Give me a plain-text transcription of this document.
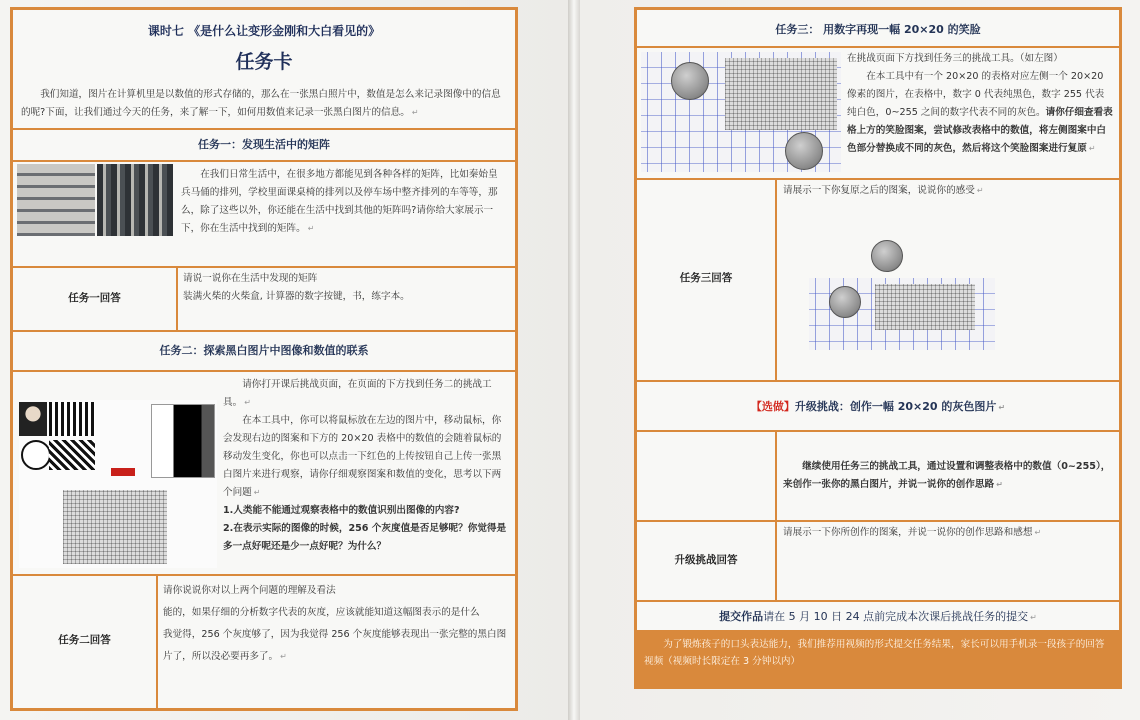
课时七 《是什么让变形金刚和大白看见的》
任务卡
我们知道，图片在计算机里是以数值的形式存储的，那么在一张黑白照片中，数值是怎么来记录图像中的信息的呢?下面，让我们通过今天的任务，来了解一下，如何用数值来记录一张黑白图片的信息。 ↵
任务一：发现生活中的矩阵
在我们日常生活中，在很多地方都能见到各种各样的矩阵，比如秦始皇兵马俑的排列，学校里面课桌椅的排列以及停车场中整齐排列的车等等，那么，除了这些以外，你还能在生活中找到其他的矩阵吗?请你给大家展示一下，你在生活中找到的矩阵。 ↵
任务一回答
请说一说你在生活中发现的矩阵
装满火柴的火柴盒, 计算器的数字按键，书，练字本。
任务二：探索黑白图片中图像和数值的联系
请你打开课后挑战页面，在页面的下方找到任务二的挑战工具。 ↵
在本工具中，你可以将鼠标放在左边的图片中，移动鼠标，你会发现右边的图案和下方的 20×20 表格中的数值的会随着鼠标的移动发生变化，你也可以点击一下红色的上传按钮自己上传一张黑白图片来进行观察，请你仔细观察图案和数值的变化，思考以下两个问题 ↵
1.人类能不能通过观察表格中的数值识别出图像的内容?
2.在表示实际的图像的时候，256 个灰度值是否足够呢？你觉得是多一点好呢还是少一点好呢？为什么？
任务二回答
请你说说你对以上两个问题的理解及看法
能的，如果仔细的分析数字代表的灰度，应该就能知道这幅图表示的是什么
我觉得，256 个灰度够了，因为我觉得 256 个灰度能够表现出一张完整的黑白图片了，所以没必要再多了。 ↵
任务三： 用数字再现一幅 20×20 的笑脸
在挑战页面下方找到任务三的挑战工具。（如左图）
在本工具中有一个 20×20 的表格对应左侧一个 20×20 像素的图片，在表格中，数字 0 代表纯黑色，数字 255 代表 纯白色，0~255 之间的数字代表不同的灰色。请你仔细查看表格上方的笑脸图案，尝试修改表格中的数值，将左侧图案中白色部分替换成不同的灰色，然后将这个笑脸图案进行复原 ↵
任务三回答
请展示一下你复原之后的图案，说说你的感受 ↵
【选做】升级挑战：创作一幅 20×20 的灰色图片 ↵
继续使用任务三的挑战工具，通过设置和调整表格中的数值（0~255），来创作一张你的黑白图片，并说一说你的创作思路 ↵
升级挑战回答
请展示一下你所创作的图案，并说一说你的创作思路和感想 ↵
提交作品请在 5 月 10 日 24 点前完成本次课后挑战任务的提交 ↵
为了锻炼孩子的口头表达能力，我们推荐用视频的形式提交任务结果，家长可以用手机录一段孩子的回答视频（视频时长限定在 3 分钟以内）
